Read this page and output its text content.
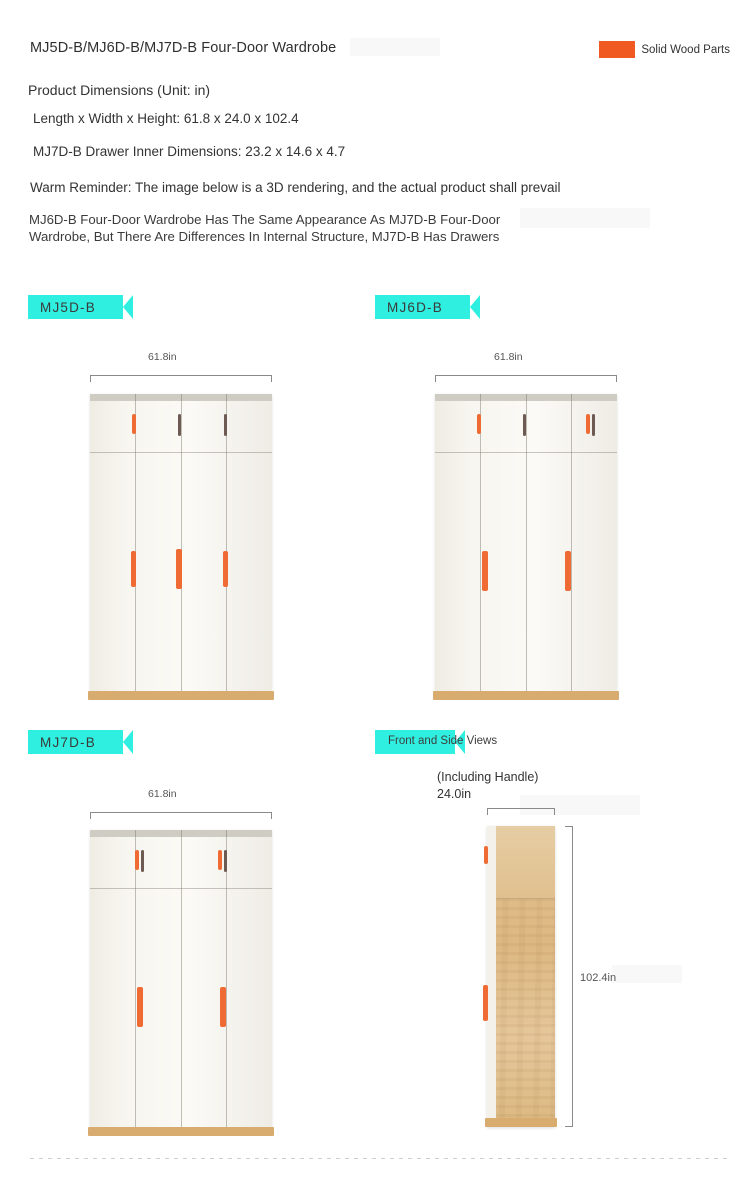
MJ5D-B/MJ6D-B/MJ7D-B Four-Door Wardrobe	Solid Wood Parts
Product Dimensions (Unit: in)
Length x Width x Height: 61.8 x 24.0 x 102.4
MJ7D-B Drawer Inner Dimensions: 23.2 x 14.6 x 4.7
Warm Reminder: The image below is a 3D rendering, and the actual product shall prevail
MJ6D-B Four-Door Wardrobe Has The Same Appearance As MJ7D-B Four-Door Wardrobe, But There Are Differences In Internal Structure, MJ7D-B Has Drawers
MJ5D-B
61.8in
MJ6D-B
61.8in
MJ7D-B
61.8in
Front and Side Views
(Including Handle)
24.0in
102.4in
